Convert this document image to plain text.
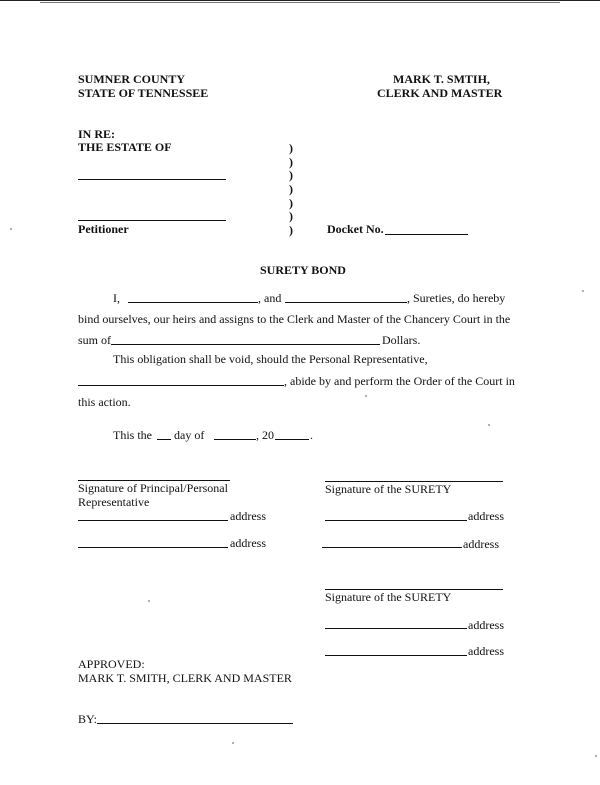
SUMNER COUNTY
STATE OF TENNESSEE
MARK T. SMTIH,
CLERK AND MASTER
IN RE:
THE ESTATE OF
Petitioner
)
)
)
)
)
)
)	Docket No.
SURETY BOND
I,	, and	, Sureties, do hereby
bind ourselves, our heirs and assigns to the Clerk and Master of the Chancery Court in the
sum of	Dollars.
This obligation shall be void, should the Personal Representative,
, abide by and perform the Order of the Court in
this action.
This the day of	, 20	.
Signature of Principal/Personal
Representative
address
address
Signature of the SURETY
address
address
Signature of the SURETY
address
address
APPROVED:
MARK T. SMITH, CLERK AND MASTER
BY:
